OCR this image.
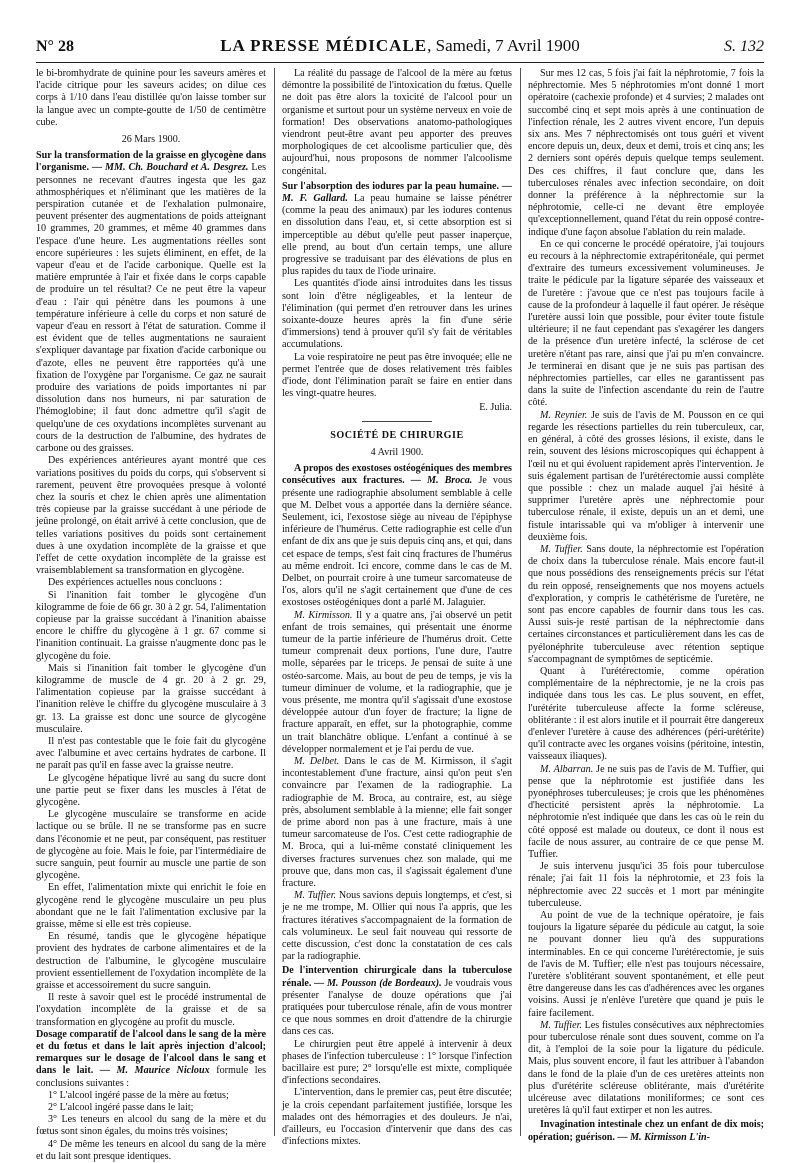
N° 28	LA PRESSE MÉDICALE, Samedi, 7 Avril 1900	S. 132

le bi-bromhydrate de quinine pour les saveurs amères et l'acide citrique pour les saveurs acides; on dilue ces corps à 1/10 dans l'eau distillée qu'on laisse tomber sur la langue avec un compte-goutte de 1/50 de centimètre cube.

26 Mars 1900.

Sur la transformation de la graisse en glycogène dans l'organisme. — MM. Ch. Bouchard et A. Desgrez. Les personnes ne recevant d'autres ingesta que les gaz athmosphériques et n'éliminant que les matières de la perspiration cutanée et de l'exhalation pulmonaire, peuvent présenter des augmentations de poids atteignant 10 grammes, 20 grammes, et même 40 grammes dans l'espace d'une heure. Les augmentations réelles sont encore supérieures : les sujets éliminent, en effet, de la vapeur d'eau et de l'acide carbonique. Quelle est la matière empruntée à l'air et fixée dans le corps capable de produire un tel résultat? Ce ne peut être la vapeur d'eau : l'air qui pénètre dans les poumons à une température inférieure à celle du corps et non saturé de vapeur d'eau en ressort à l'état de saturation. Comme il est évident que de telles augmentations ne sauraient s'expliquer davantage par fixation d'acide carbonique ou d'azote, elles ne peuvent être rapportées qu'à une fixation de l'oxygène par l'organisme. Ce gaz ne saurait produire des variations de poids importantes ni par dissolution dans nos humeurs, ni par saturation de l'hémoglobine; il faut donc admettre qu'il s'agit de quelqu'une de ces oxydations incomplètes survenant au cours de la destruction de l'albumine, des hydrates de carbone ou des graisses.

Des expériences antérieures ayant montré que ces variations positives du poids du corps, qui s'observent si rarement, peuvent être provoquées presque à volonté chez la souris et chez le chien après une alimentation très copieuse par la graisse succédant à une période de jeûne prolongé, on était arrivé à cette conclusion, que de telles variations positives du poids sont certainement dues à une oxydation incomplète de la graisse et que l'effet de cette oxydation incomplète de la graisse est vraisemblablement sa transformation en glycogène.

Des expériences actuelles nous concluons :

Si l'inanition fait tomber le glycogène d'un kilogramme de foie de 66 gr. 30 à 2 gr. 54, l'alimentation copieuse par la graisse succédant à l'inanition abaisse encore le chiffre du glycogène à 1 gr. 67 comme si l'inanition continuait. La graisse n'augmente donc pas le glycogène du foie.

Mais si l'inanition fait tomber le glycogène d'un kilogramme de muscle de 4 gr. 20 à 2 gr. 29, l'alimentation copieuse par la graisse succédant à l'inanition relève le chiffre du glycogène musculaire à 3 gr. 13. La graisse est donc une source de glycogène musculaire.

Il n'est pas contestable que le foie fait du glycogène avec l'albumine et avec certains hydrates de carbone. Il ne paraît pas qu'il en fasse avec la graisse neutre.

Le glycogène hépatique livré au sang du sucre dont une partie peut se fixer dans les muscles à l'état de glycogène.

Le glycogène musculaire se transforme en acide lactique ou se brûle. Il ne se transforme pas en sucre dans l'économie et ne peut, par conséquent, pas restituer de glycogène au foie. Mais le foie, par l'intermédiaire de sucre sanguin, peut fournir au muscle une partie de son glycogène.

En effet, l'alimentation mixte qui enrichit le foie en glycogène rend le glycogène musculaire un peu plus abondant que ne le fait l'alimentation exclusive par la graisse, même si elle est très copieuse.

En résumé, tandis que le glycogène hépatique provient des hydrates de carbone alimentaires et de la destruction de l'albumine, le glycogène musculaire provient essentiellement de l'oxydation incomplète de la graisse et accessoirement du sucre sanguin.

Il reste à savoir quel est le procédé instrumental de l'oxydation incomplète de la graisse et de sa transformation en glycogène au profit du muscle.

Dosage comparatif de l'alcool dans le sang de la mère et du fœtus et dans le lait après injection d'alcool; remarques sur le dosage de l'alcool dans le sang et dans le lait. — M. Maurice Nicloux formule les conclusions suivantes :

1° L'alcool ingéré passe de la mère au fœtus;

2° L'alcool ingéré passe dans le lait;

3° Les teneurs en alcool du sang de la mère et du fœtus sont sinon égales, du moins très voisines;

4° De même les teneurs en alcool du sang de la mère et du lait sont presque identiques.

La réalité du passage de l'alcool de la mère au fœtus démontre la possibilité de l'intoxication du fœtus. Quelle ne doit pas être alors la toxicité de l'alcool pour un organisme et surtout pour un système nerveux en voie de formation! Des observations anatomo-pathologiques viendront peut-être avant peu apporter des preuves morphologiques de cet alcoolisme particulier que, dès aujourd'hui, nous proposons de nommer l'alcoolisme congénital.

Sur l'absorption des iodures par la peau humaine. — M. F. Gallard. La peau humaine se laisse pénétrer (comme la peau des animaux) par les iodures contenus en dissolution dans l'eau, et, si cette absorption est si imperceptible au début qu'elle peut passer inaperçue, elle prend, au bout d'un certain temps, une allure progressive se traduisant par des élévations de plus en plus rapides du taux de l'iode urinaire.

Les quantités d'iode ainsi introduites dans les tissus sont loin d'être négligeables, et la lenteur de l'élimination (qui permet d'en retrouver dans les urines soixante-douze heures après la fin d'une série d'immersions) tend à prouver qu'il s'y fait de véritables accumulations.

La voie respiratoire ne peut pas être invoquée; elle ne permet l'entrée que de doses relativement très faibles d'iode, dont l'élimination paraît se faire en entier dans les vingt-quatre heures.

E. Julia.

SOCIÉTÉ DE CHIRURGIE

4 Avril 1900.

A propos des exostoses ostéogéniques des membres consécutives aux fractures. — M. Broca. Je vous présente une radiographie absolument semblable à celle que M. Delbet vous a apportée dans la dernière séance. Seulement, ici, l'exostose siège au niveau de l'épiphyse inférieure de l'humérus. Cette radiographie est celle d'un enfant de dix ans que je suis depuis cinq ans, et qui, dans cet espace de temps, s'est fait cinq fractures de l'humérus au même endroit. Ici encore, comme dans le cas de M. Delbet, on pourrait croire à une tumeur sarcomateuse de l'os, alors qu'il ne s'agit certainement que d'une de ces exostoses ostéogéniques dont a parlé M. Jalaguier.

M. Kirmisson. Il y a quatre ans, j'ai observé un petit enfant de trois semaines, qui présentait une énorme tumeur de la partie inférieure de l'humérus droit. Cette tumeur comprenait deux portions, l'une dure, l'autre molle, séparées par le triceps. Je pensai de suite à une ostéo-sarcome. Mais, au bout de peu de temps, je vis la tumeur diminuer de volume, et la radiographie, que je vous présente, me montra qu'il s'agissait d'une exostose développée autour d'un foyer de fracture; la ligne de fracture apparaît, en effet, sur la photographie, comme un trait blanchâtre oblique. L'enfant a continué à se développer normalement et je l'ai perdu de vue.

M. Delbet. Dans le cas de M. Kirmisson, il s'agit incontestablement d'une fracture, ainsi qu'on peut s'en convaincre par l'examen de la radiographie. La radiographie de M. Broca, au contraire, est, au siège près, absolument semblable à la mienne; elle fait songer de prime abord non pas à une fracture, mais à une tumeur sarcomateuse de l'os. C'est cette radiographie de M. Broca, qui a lui-même constaté cliniquement les diverses fractures survenues chez son malade, qui me prouve que, dans mon cas, il s'agissait également d'une fracture.

M. Tuffier. Nous savions depuis longtemps, et c'est, si je ne me trompe, M. Ollier qui nous l'a appris, que les fractures itératives s'accompagnaient de la formation de cals volumineux. Le seul fait nouveau qui ressorte de cette discussion, c'est donc la constatation de ces cals par la radiographie.

De l'intervention chirurgicale dans la tuberculose rénale. — M. Pousson (de Bordeaux). Je voudrais vous présenter l'analyse de douze opérations que j'ai pratiquées pour tuberculose rénale, afin de vous montrer ce que nous sommes en droit d'attendre de la chirurgie dans ces cas.

Le chirurgien peut être appelé à intervenir à deux phases de l'infection tuberculeuse : 1° lorsque l'infection bacillaire est pure; 2° lorsqu'elle est mixte, compliquée d'infections secondaires.

L'intervention, dans le premier cas, peut être discutée; je la crois cependant parfaitement justifiée, lorsque les malades ont des hémorragies et des douleurs. Je n'ai, d'ailleurs, eu l'occasion d'intervenir que dans des cas d'infections mixtes.

Sur mes 12 cas, 5 fois j'ai fait la néphrotomie, 7 fois la néphrectomie. Mes 5 néphrotomies m'ont donné 1 mort opératoire (cachexie profonde) et 4 survies; 2 malades ont succombé cinq et sept mois après à une continuation de l'infection rénale, les 2 autres vivent encore, l'un depuis six ans. Mes 7 néphrectomisés ont tous guéri et vivent encore depuis un, deux, deux et demi, trois et cinq ans; les 2 derniers sont opérés depuis quelque temps seulement. Des ces chiffres, il faut conclure que, dans les tuberculoses rénales avec infection secondaire, on doit donner la préférence à la néphrectomie sur la néphrotomie, celle-ci ne devant être employée qu'exceptionnellement, quand l'état du rein opposé contre-indique d'une façon absolue l'ablation du rein malade.

En ce qui concerne le procédé opératoire, j'ai toujours eu recours à la néphrectomie extrapéritonéale, qui permet d'extraire des tumeurs excessivement volumineuses. Je traite le pédicule par la ligature séparée des vaisseaux et de l'uretère : j'avoue que ce n'est pas toujours facile à cause de la profondeur à laquelle il faut opérer. Je résèque l'uretère aussi loin que possible, pour éviter toute fistule ultérieure; il ne faut cependant pas s'exagérer les dangers de la présence d'un uretère infecté, la sclérose de cet uretère n'étant pas rare, ainsi que j'ai pu m'en convaincre. Je terminerai en disant que je ne suis pas partisan des néphrectomies partielles, car elles ne garantissent pas dans la suite de l'infection ascendante du rein de l'autre côté.

M. Reynier. Je suis de l'avis de M. Pousson en ce qui regarde les résections partielles du rein tuberculeux, car, en général, à côté des grosses lésions, il existe, dans le rein, souvent des lésions microscopiques qui échappent à l'œil nu et qui évoluent rapidement après l'intervention. Je suis également partisan de l'urétérectomie aussi complète que possible : chez un malade auquel j'ai hésité à supprimer l'uretère après une néphrectomie pour tuberculose rénale, il existe, depuis un an et demi, une fistule intarissable qui va m'obliger à intervenir une deuxième fois.

M. Tuffier. Sans doute, la néphrectomie est l'opération de choix dans la tuberculose rénale. Mais encore faut-il que nous possédions des renseignements précis sur l'état du rein opposé, renseignements que nos moyens actuels d'exploration, y compris le cathétérisme de l'uretère, ne sont pas encore capables de fournir dans tous les cas. Aussi suis-je resté partisan de la néphrectomie dans certaines circonstances et particulièrement dans les cas de pyélonéphrite tuberculeuse avec rétention septique s'accompagnant de symptômes de septicémie.

Quant à l'urétérectomie, comme opération complémentaire de la néphrectomie, je ne la crois pas indiquée dans tous les cas. Le plus souvent, en effet, l'urétérite tuberculeuse affecte la forme scléreuse, oblitérante : il est alors inutile et il pourrait être dangereux d'enlever l'uretère à cause des adhérences (péri-urétérite) qu'il contracte avec les organes voisins (péritoine, intestin, vaisseaux iliaques).

M. Albarran. Je ne suis pas de l'avis de M. Tuffier, qui pense que la néphrotomie est justifiée dans les pyonéphroses tuberculeuses; je crois que les phénomènes d'hecticité persistent après la néphrotomie. La néphrotomie n'est indiquée que dans les cas où le rein du côté opposé est malade ou douteux, ce dont il nous est facile de nous assurer, au contraire de ce que pense M. Tuffier.

Je suis intervenu jusqu'ici 35 fois pour tuberculose rénale; j'ai fait 11 fois la néphrotomie, et 23 fois la néphrectomie avec 22 succès et 1 mort par méningite tuberculeuse.

Au point de vue de la technique opératoire, je fais toujours la ligature séparée du pédicule au catgut, la soie ne pouvant donner lieu qu'à des suppurations interminables. En ce qui concerne l'urétérectomie, je suis de l'avis de M. Tuffier; elle n'est pas toujours nécessaire, l'uretère s'oblitérant souvent spontanément, et elle peut être dangereuse dans les cas d'adhérences avec les organes voisins. Aussi je n'enlève l'uretère que quand je puis le faire facilement.

M. Tuffier. Les fistules consécutives aux néphrectomies pour tuberculose rénale sont dues souvent, comme on l'a dit, à l'emploi de la soie pour la ligature du pédicule. Mais, plus souvent encore, il faut les attribuer à l'abandon dans le fond de la plaie d'un de ces uretères atteints non plus d'urétérite scléreuse oblitérante, mais d'urétérite ulcéreuse avec dilatations moniliformes; ce sont ces uretères là qu'il faut extirper et non les autres.

Invagination intestinale chez un enfant de dix mois; opération; guérison. — M. Kirmisson L'in-
